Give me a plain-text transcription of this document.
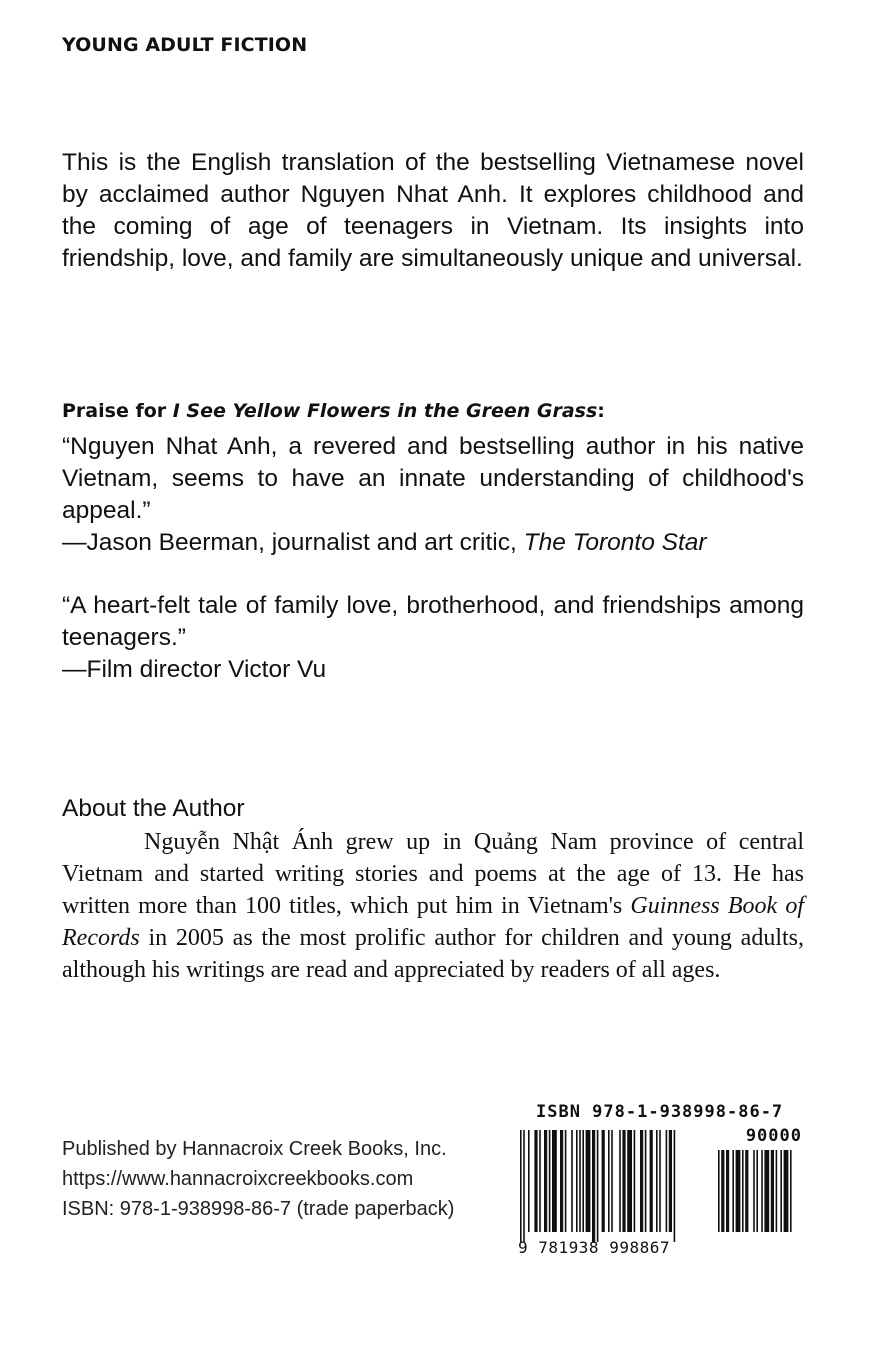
YOUNG ADULT FICTION
This is the English translation of the bestselling Vietnamese novel by acclaimed author Nguyen Nhat Anh. It explores childhood and the coming of age of teenagers in Vietnam. Its insights into friendship, love, and family are simultaneously unique and universal.
Praise for I See Yellow Flowers in the Green Grass:
“Nguyen Nhat Anh, a revered and bestselling author in his native Vietnam, seems to have an innate understanding of childhood's appeal.”
—Jason Beerman, journalist and art critic, The Toronto Star
“A heart-felt tale of family love, brotherhood, and friendships among teenagers.”
—Film director Victor Vu
About the Author
Nguyễn Nhật Ánh grew up in Quảng Nam province of central Vietnam and started writing stories and poems at the age of 13. He has written more than 100 titles, which put him in Vietnam's Guinness Book of Records in 2005 as the most prolific author for children and young adults, although his writings are read and appreciated by readers of all ages.
Published by Hannacroix Creek Books, Inc.
https://www.hannacroixcreekbooks.com
ISBN: 978-1-938998-86-7 (trade paperback)
ISBN 978-1-938998-86-7
90000
9 781938 998867
